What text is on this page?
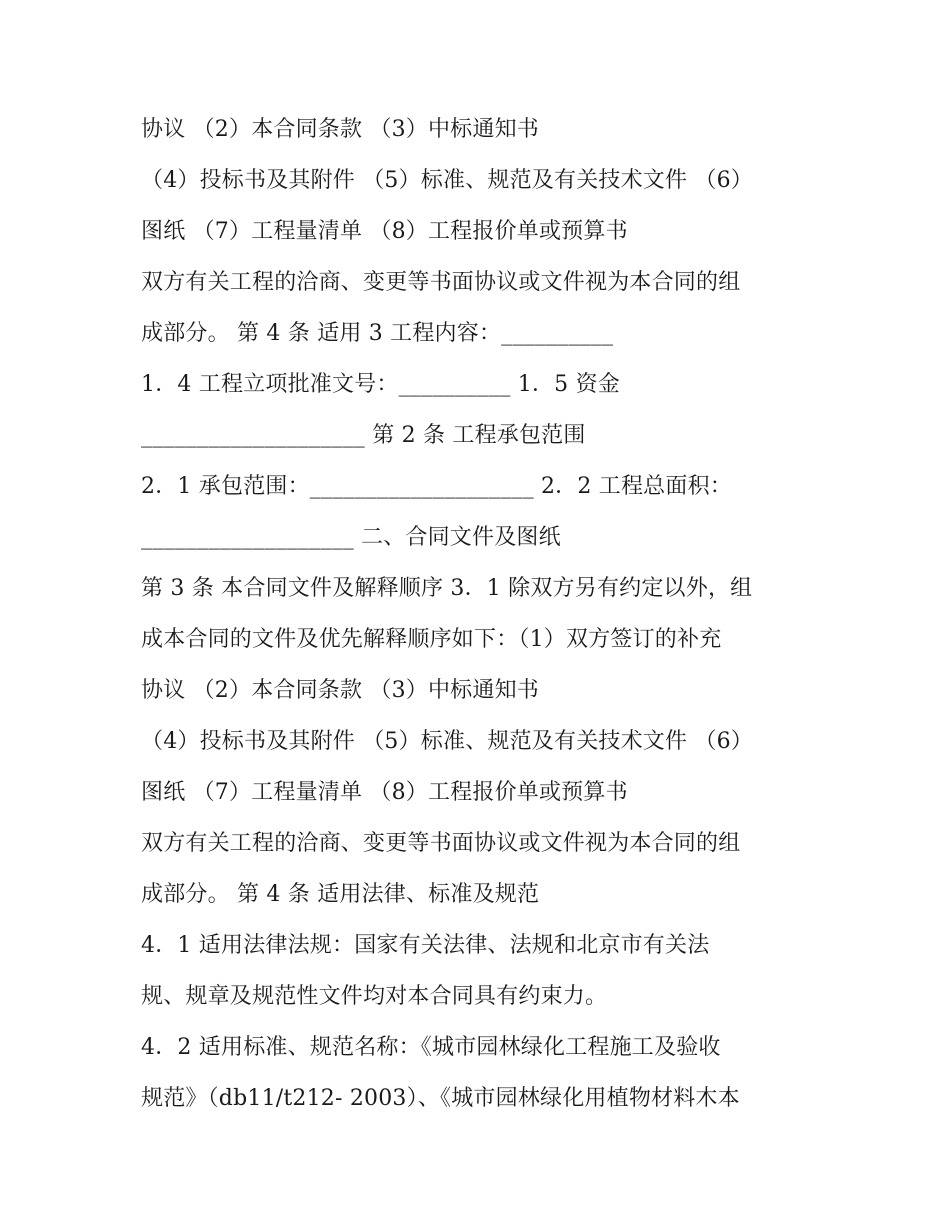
协议 （2）本合同条款 （3）中标通知书
（4）投标书及其附件 （5）标准、规范及有关技术文件 （6）
图纸 （7）工程量清单 （8）工程报价单或预算书
双方有关工程的洽商、变更等书面协议或文件视为本合同的组
成部分。 第 4 条 适用 3 工程内容：__________
1．4 工程立项批准文号：__________ 1．5 资金
____________________ 第 2 条 工程承包范围
2．1 承包范围：____________________ 2．2 工程总面积：
___________________ 二、合同文件及图纸
第 3 条 本合同文件及解释顺序 3．1 除双方另有约定以外，组
成本合同的文件及优先解释顺序如下：（1）双方签订的补充
协议 （2）本合同条款 （3）中标通知书
（4）投标书及其附件 （5）标准、规范及有关技术文件 （6）
图纸 （7）工程量清单 （8）工程报价单或预算书
双方有关工程的洽商、变更等书面协议或文件视为本合同的组
成部分。 第 4 条 适用法律、标准及规范
4．1 适用法律法规：国家有关法律、法规和北京市有关法
规、规章及规范性文件均对本合同具有约束力。
4．2 适用标准、规范名称：《城市园林绿化工程施工及验收
规范》（db11/t212- 2003）、《城市园林绿化用植物材料木本
